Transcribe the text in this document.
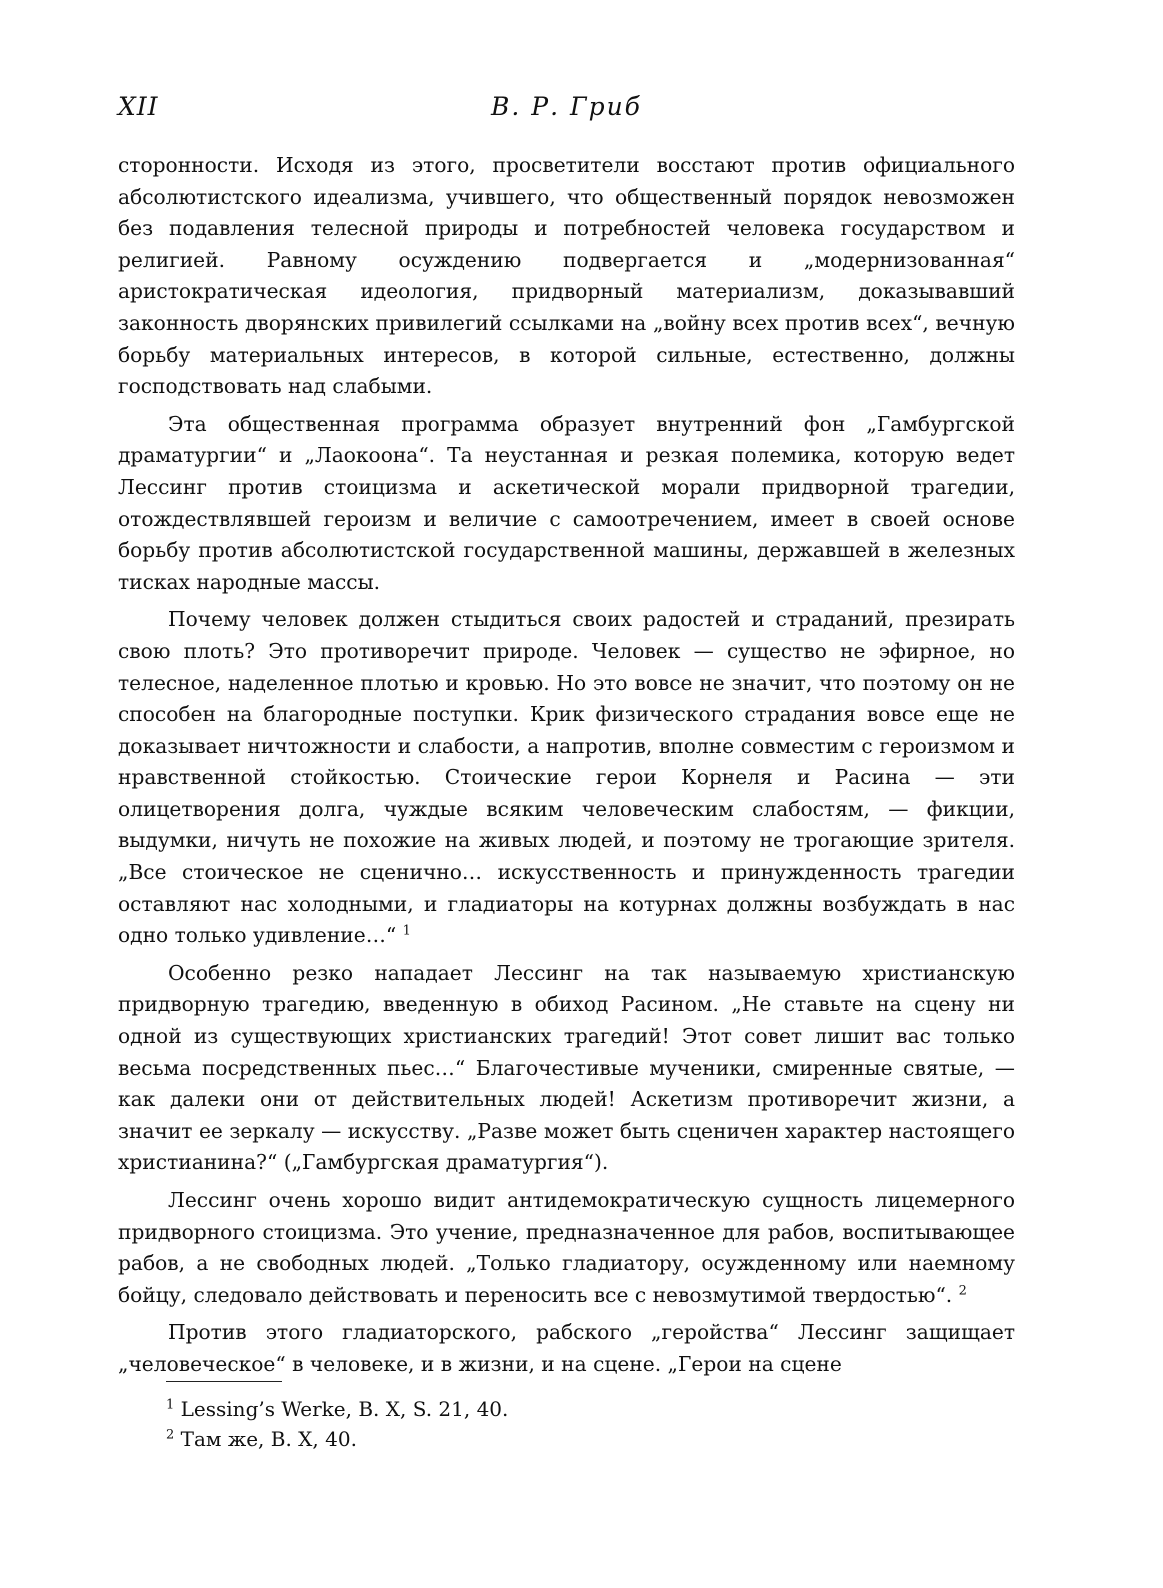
XII	В. Р. Гриб

сторонности. Исходя из этого, просветители восстают против официального абсолютистского идеализма, учившего, что общественный порядок невозможен без подавления телесной природы и потребностей человека государством и религией. Равному осуждению подвергается и „модернизованная“ аристократическая идеология, придворный материализм, доказывавший законность дворянских привилегий ссылками на „войну всех против всех“, вечную борьбу материальных интересов, в которой сильные, естественно, должны господствовать над слабыми.

Эта общественная программа образует внутренний фон „Гамбургской драматургии“ и „Лаокоона“. Та неустанная и резкая полемика, которую ведет Лессинг против стоицизма и аскетической морали придворной трагедии, отождествлявшей героизм и величие с самоотречением, имеет в своей основе борьбу против абсолютистской государственной машины, державшей в железных тисках народные массы.

Почему человек должен стыдиться своих радостей и страданий, презирать свою плоть? Это противоречит природе. Человек — существо не эфирное, но телесное, наделенное плотью и кровью. Но это вовсе не значит, что поэтому он не способен на благородные поступки. Крик физического страдания вовсе еще не доказывает ничтожности и слабости, а напротив, вполне совместим с героизмом и нравственной стойкостью. Стоические герои Корнеля и Расина — эти олицетворения долга, чуждые всяким человеческим слабостям, — фикции, выдумки, ничуть не похожие на живых людей, и поэтому не трогающие зрителя. „Все стоическое не сценично… искусственность и принужденность трагедии оставляют нас холодными, и гладиаторы на котурнах должны возбуждать в нас одно только удивление…“ $^1$

Особенно резко нападает Лессинг на так называемую христианскую придворную трагедию, введенную в обиход Расином. „Не ставьте на сцену ни одной из существующих христианских трагедий! Этот совет лишит вас только весьма посредственных пьес…“ Благочестивые мученики, смиренные святые, — как далеки они от действительных людей! Аскетизм противоречит жизни, а значит ее зеркалу — искусству. „Разве может быть сценичен характер настоящего христианина?“ („Гамбургская драматургия“).

Лессинг очень хорошо видит антидемократическую сущность лицемерного придворного стоицизма. Это учение, предназначенное для рабов, воспитывающее рабов, а не свободных людей. „Только гладиатору, осужденному или наемному бойцу, следовало действовать и переносить все с невозмутимой твердостью“. $^2$

Против этого гладиаторского, рабского „геройства“ Лессинг защищает „человеческое“ в человеке, и в жизни, и на сцене. „Герои на сцене

$^1$ Lessing’s Werke, B. X, S. 21, 40.
$^2$ Там же, В. X, 40.
